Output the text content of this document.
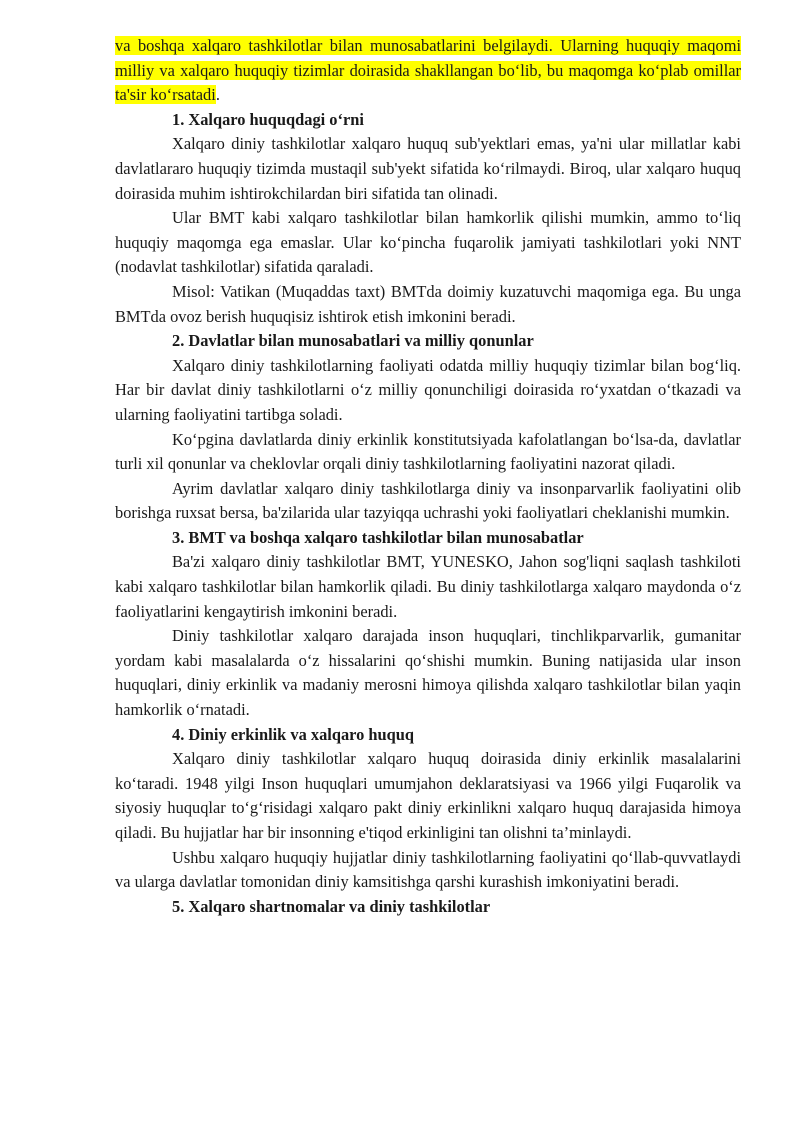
va boshqa xalqaro tashkilotlar bilan munosabatlarini belgilaydi. Ularning huquqiy maqomi milliy va xalqaro huquqiy tizimlar doirasida shakllangan bo‘lib, bu maqomga ko‘plab omillar ta'sir ko‘rsatadi.

1. Xalqaro huquqdagi o‘rni

Xalqaro diniy tashkilotlar xalqaro huquq sub'yektlari emas, ya'ni ular millatlar kabi davlatlararo huquqiy tizimda mustaqil sub'yekt sifatida ko‘rilmaydi. Biroq, ular xalqaro huquq doirasida muhim ishtirokchilardan biri sifatida tan olinadi.

Ular BMT kabi xalqaro tashkilotlar bilan hamkorlik qilishi mumkin, ammo to‘liq huquqiy maqomga ega emaslar. Ular ko‘pincha fuqarolik jamiyati tashkilotlari yoki NNT (nodavlat tashkilotlar) sifatida qaraladi.

Misol: Vatikan (Muqaddas taxt) BMTda doimiy kuzatuvchi maqomiga ega. Bu unga BMTda ovoz berish huquqisiz ishtirok etish imkonini beradi.

2. Davlatlar bilan munosabatlari va milliy qonunlar

Xalqaro diniy tashkilotlarning faoliyati odatda milliy huquqiy tizimlar bilan bog‘liq. Har bir davlat diniy tashkilotlarni o‘z milliy qonunchiligi doirasida ro‘yxatdan o‘tkazadi va ularning faoliyatini tartibga soladi.

Ko‘pgina davlatlarda diniy erkinlik konstitutsiyada kafolatlangan bo‘lsa-da, davlatlar turli xil qonunlar va cheklovlar orqali diniy tashkilotlarning faoliyatini nazorat qiladi.

Ayrim davlatlar xalqaro diniy tashkilotlarga diniy va insonparvarlik faoliyatini olib borishga ruxsat bersa, ba'zilarida ular tazyiqqa uchrashi yoki faoliyatlari cheklanishi mumkin.

3. BMT va boshqa xalqaro tashkilotlar bilan munosabatlar

Ba'zi xalqaro diniy tashkilotlar BMT, YUNESKO, Jahon sog'liqni saqlash tashkiloti kabi xalqaro tashkilotlar bilan hamkorlik qiladi. Bu diniy tashkilotlarga xalqaro maydonda o‘z faoliyatlarini kengaytirish imkonini beradi.

Diniy tashkilotlar xalqaro darajada inson huquqlari, tinchlikparvarlik, gumanitar yordam kabi masalalarda o‘z hissalarini qo‘shishi mumkin. Buning natijasida ular inson huquqlari, diniy erkinlik va madaniy merosni himoya qilishda xalqaro tashkilotlar bilan yaqin hamkorlik o‘rnatadi.

4. Diniy erkinlik va xalqaro huquq

Xalqaro diniy tashkilotlar xalqaro huquq doirasida diniy erkinlik masalalarini ko‘taradi. 1948 yilgi Inson huquqlari umumjahon deklaratsiyasi va 1966 yilgi Fuqarolik va siyosiy huquqlar to‘g‘risidagi xalqaro pakt diniy erkinlikni xalqaro huquq darajasida himoya qiladi. Bu hujjatlar har bir insonning e'tiqod erkinligini tan olishni ta’minlaydi.

Ushbu xalqaro huquqiy hujjatlar diniy tashkilotlarning faoliyatini qo‘llab-quvvatlaydi va ularga davlatlar tomonidan diniy kamsitishga qarshi kurashish imkoniyatini beradi.

5. Xalqaro shartnomalar va diniy tashkilotlar
